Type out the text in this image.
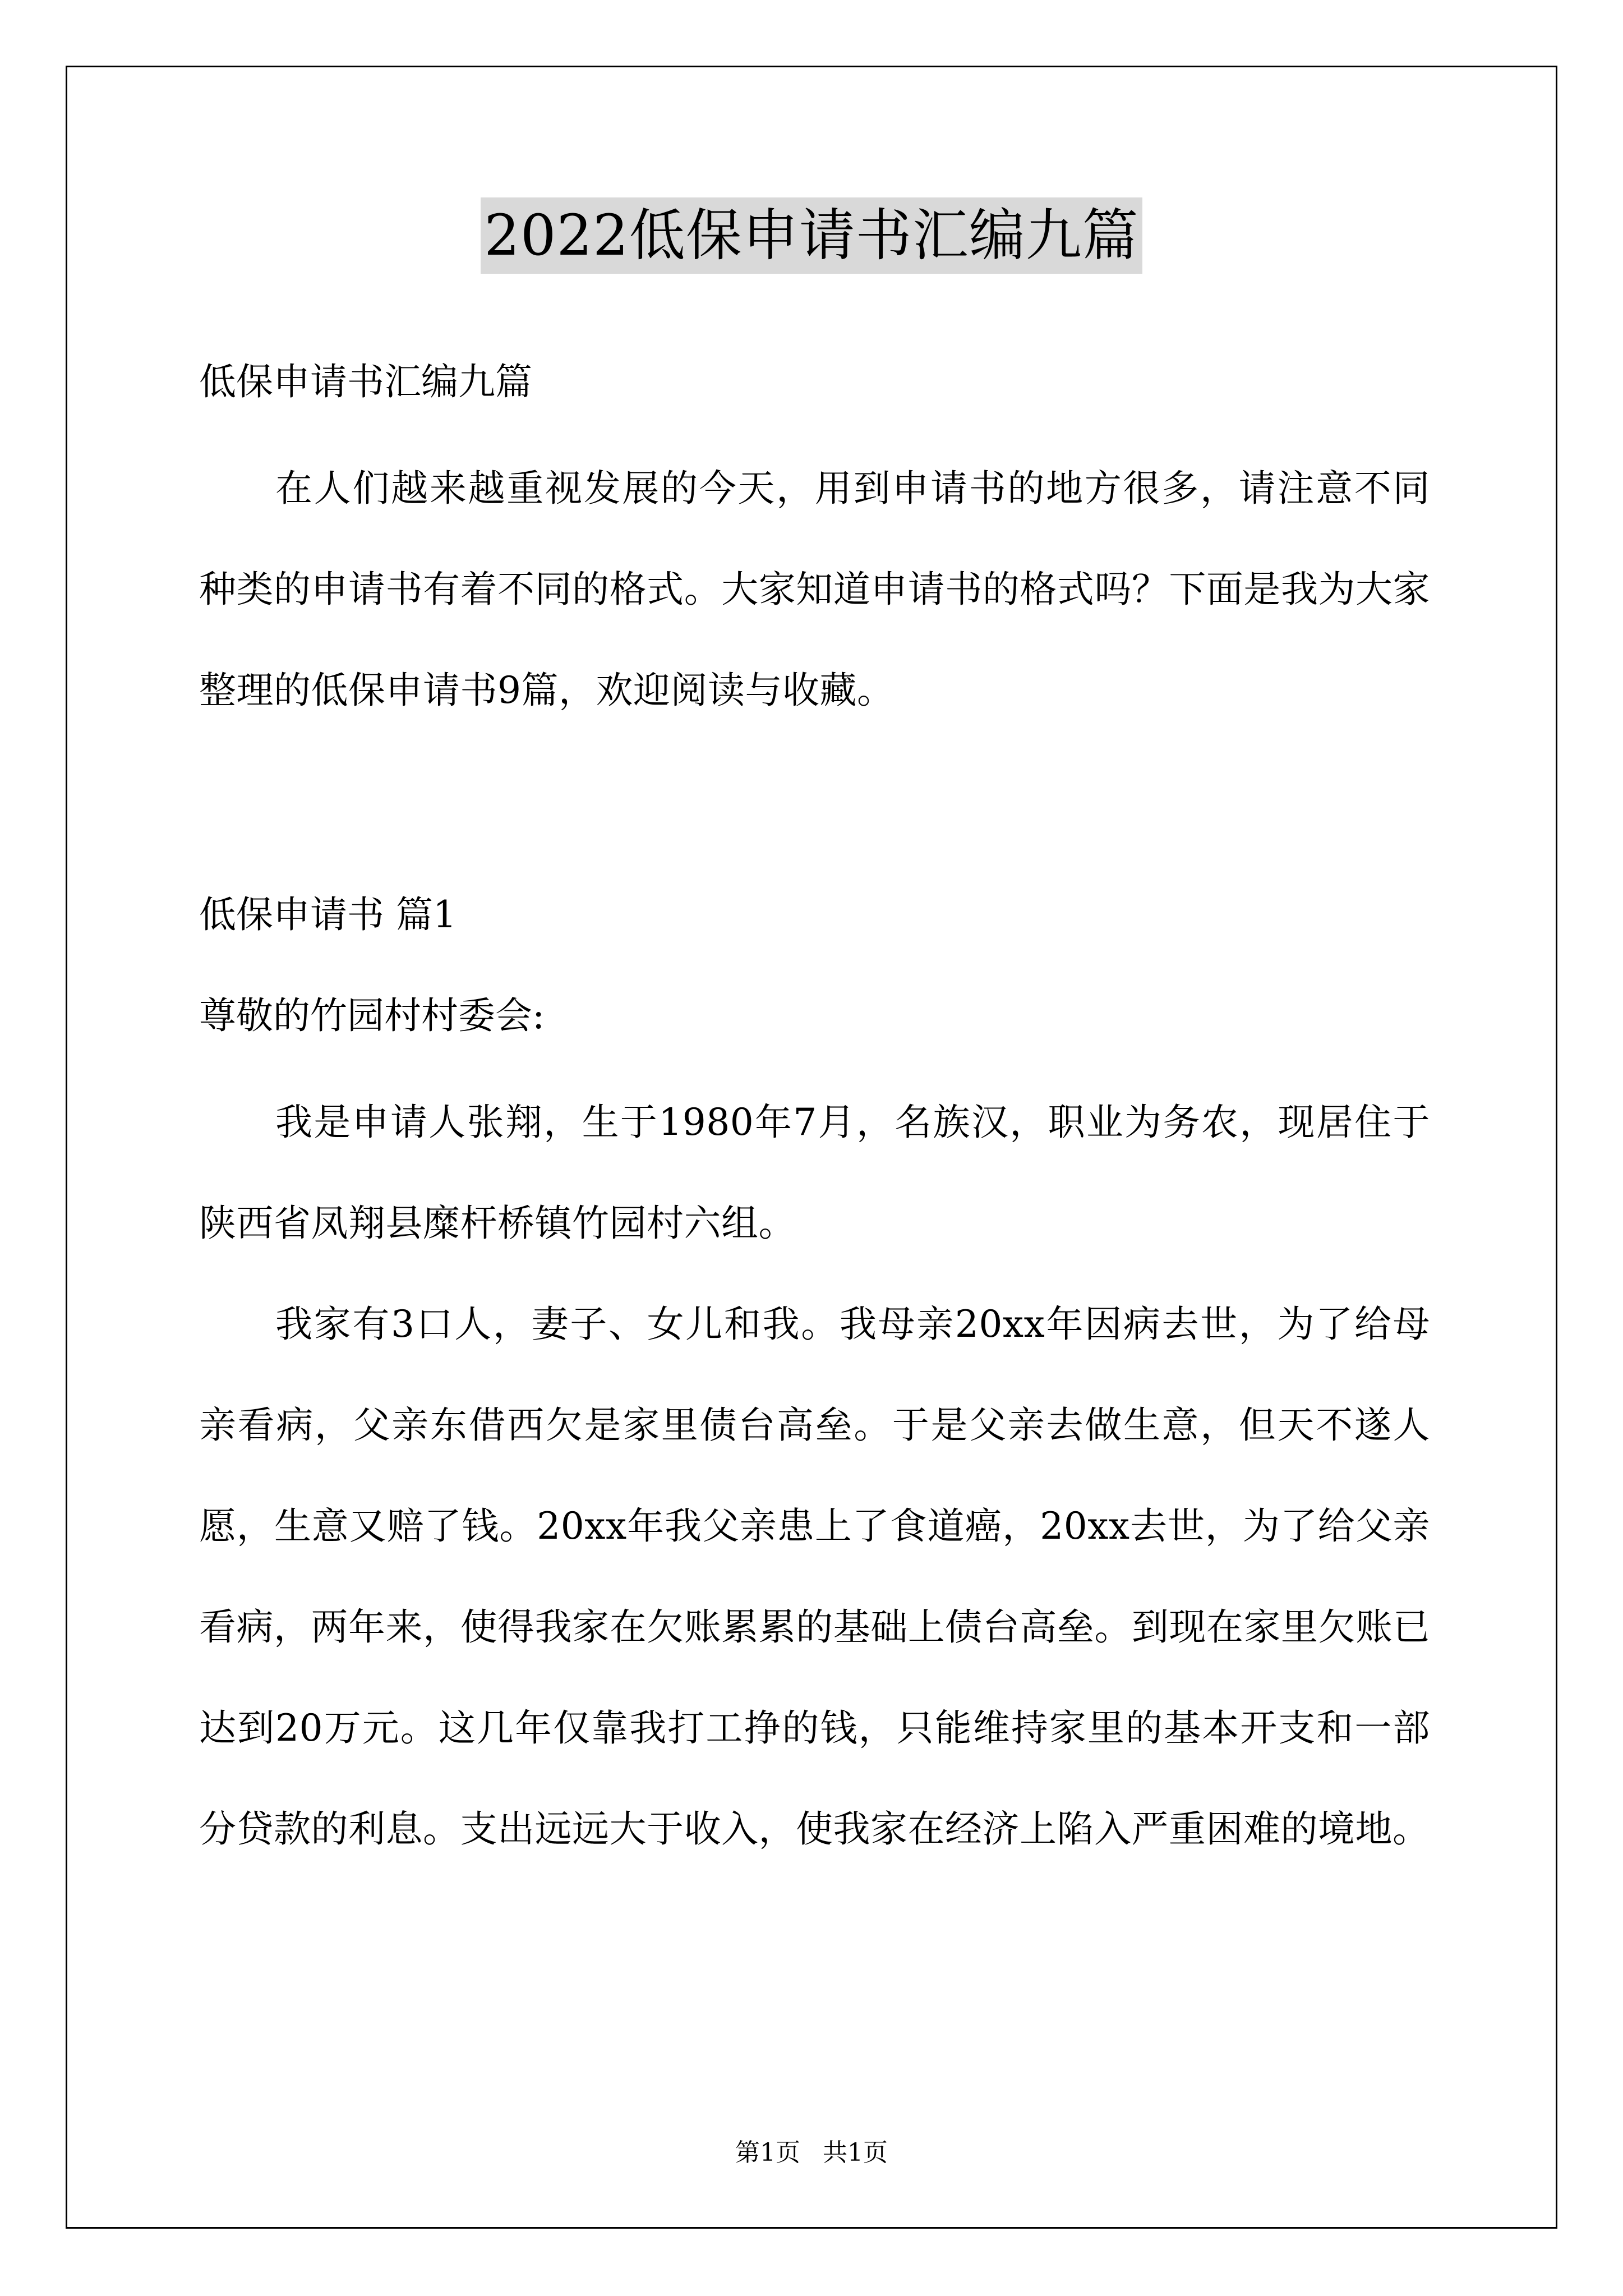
2022低保申请书汇编九篇
低保申请书汇编九篇
在人们越来越重视发展的今天，用到申请书的地方很多，请注意不同种类的申请书有着不同的格式。大家知道申请书的格式吗？下面是我为大家整理的低保申请书9篇，欢迎阅读与收藏。
低保申请书 篇1
尊敬的竹园村村委会:
我是申请人张翔，生于1980年7月，名族汉，职业为务农，现居住于陕西省凤翔县糜杆桥镇竹园村六组。
我家有3口人，妻子、女儿和我。我母亲20xx年因病去世，为了给母亲看病，父亲东借西欠是家里债台高垒。于是父亲去做生意，但天不遂人愿，生意又赔了钱。20xx年我父亲患上了食道癌，20xx去世，为了给父亲看病，两年来，使得我家在欠账累累的基础上债台高垒。到现在家里欠账已达到20万元。这几年仅靠我打工挣的钱，只能维持家里的基本开支和一部分贷款的利息。支出远远大于收入，使我家在经济上陷入严重困难的境地。
第1页 共1页
